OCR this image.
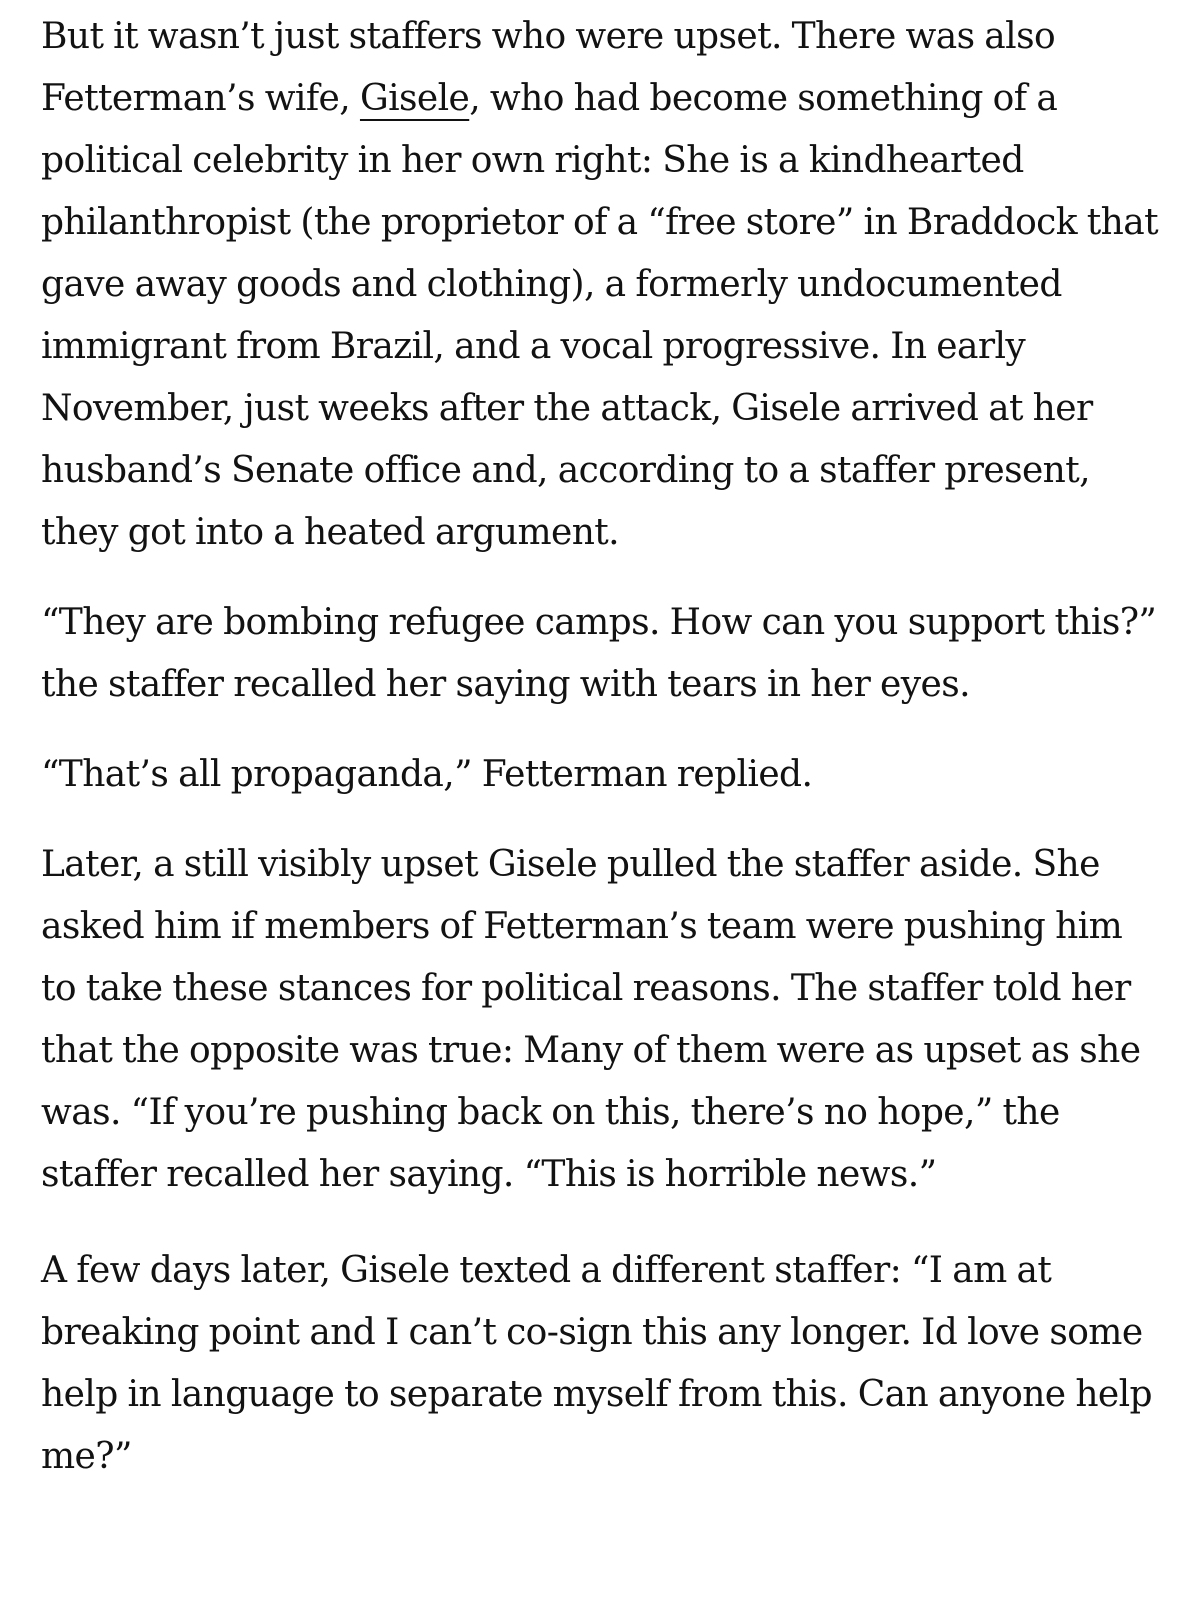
But it wasn’t just staffers who were upset. There was also Fetterman’s wife, Gisele, who had become something of a political celebrity in her own right: She is a kindhearted philanthropist (the proprietor of a “free store” in Braddock that gave away goods and clothing), a formerly undocumented immigrant from Brazil, and a vocal progressive. In early November, just weeks after the attack, Gisele arrived at her husband’s Senate office and, according to a staffer present, they got into a heated argument.

“They are bombing refugee camps. How can you support this?” the staffer recalled her saying with tears in her eyes.

“That’s all propaganda,” Fetterman replied.

Later, a still visibly upset Gisele pulled the staffer aside. She asked him if members of Fetterman’s team were pushing him to take these stances for political reasons. The staffer told her that the opposite was true: Many of them were as upset as she was. “If you’re pushing back on this, there’s no hope,” the staffer recalled her saying. “This is horrible news.”

A few days later, Gisele texted a different staffer: “I am at breaking point and I can’t co-sign this any longer. Id love some help in language to separate myself from this. Can anyone help me?”
